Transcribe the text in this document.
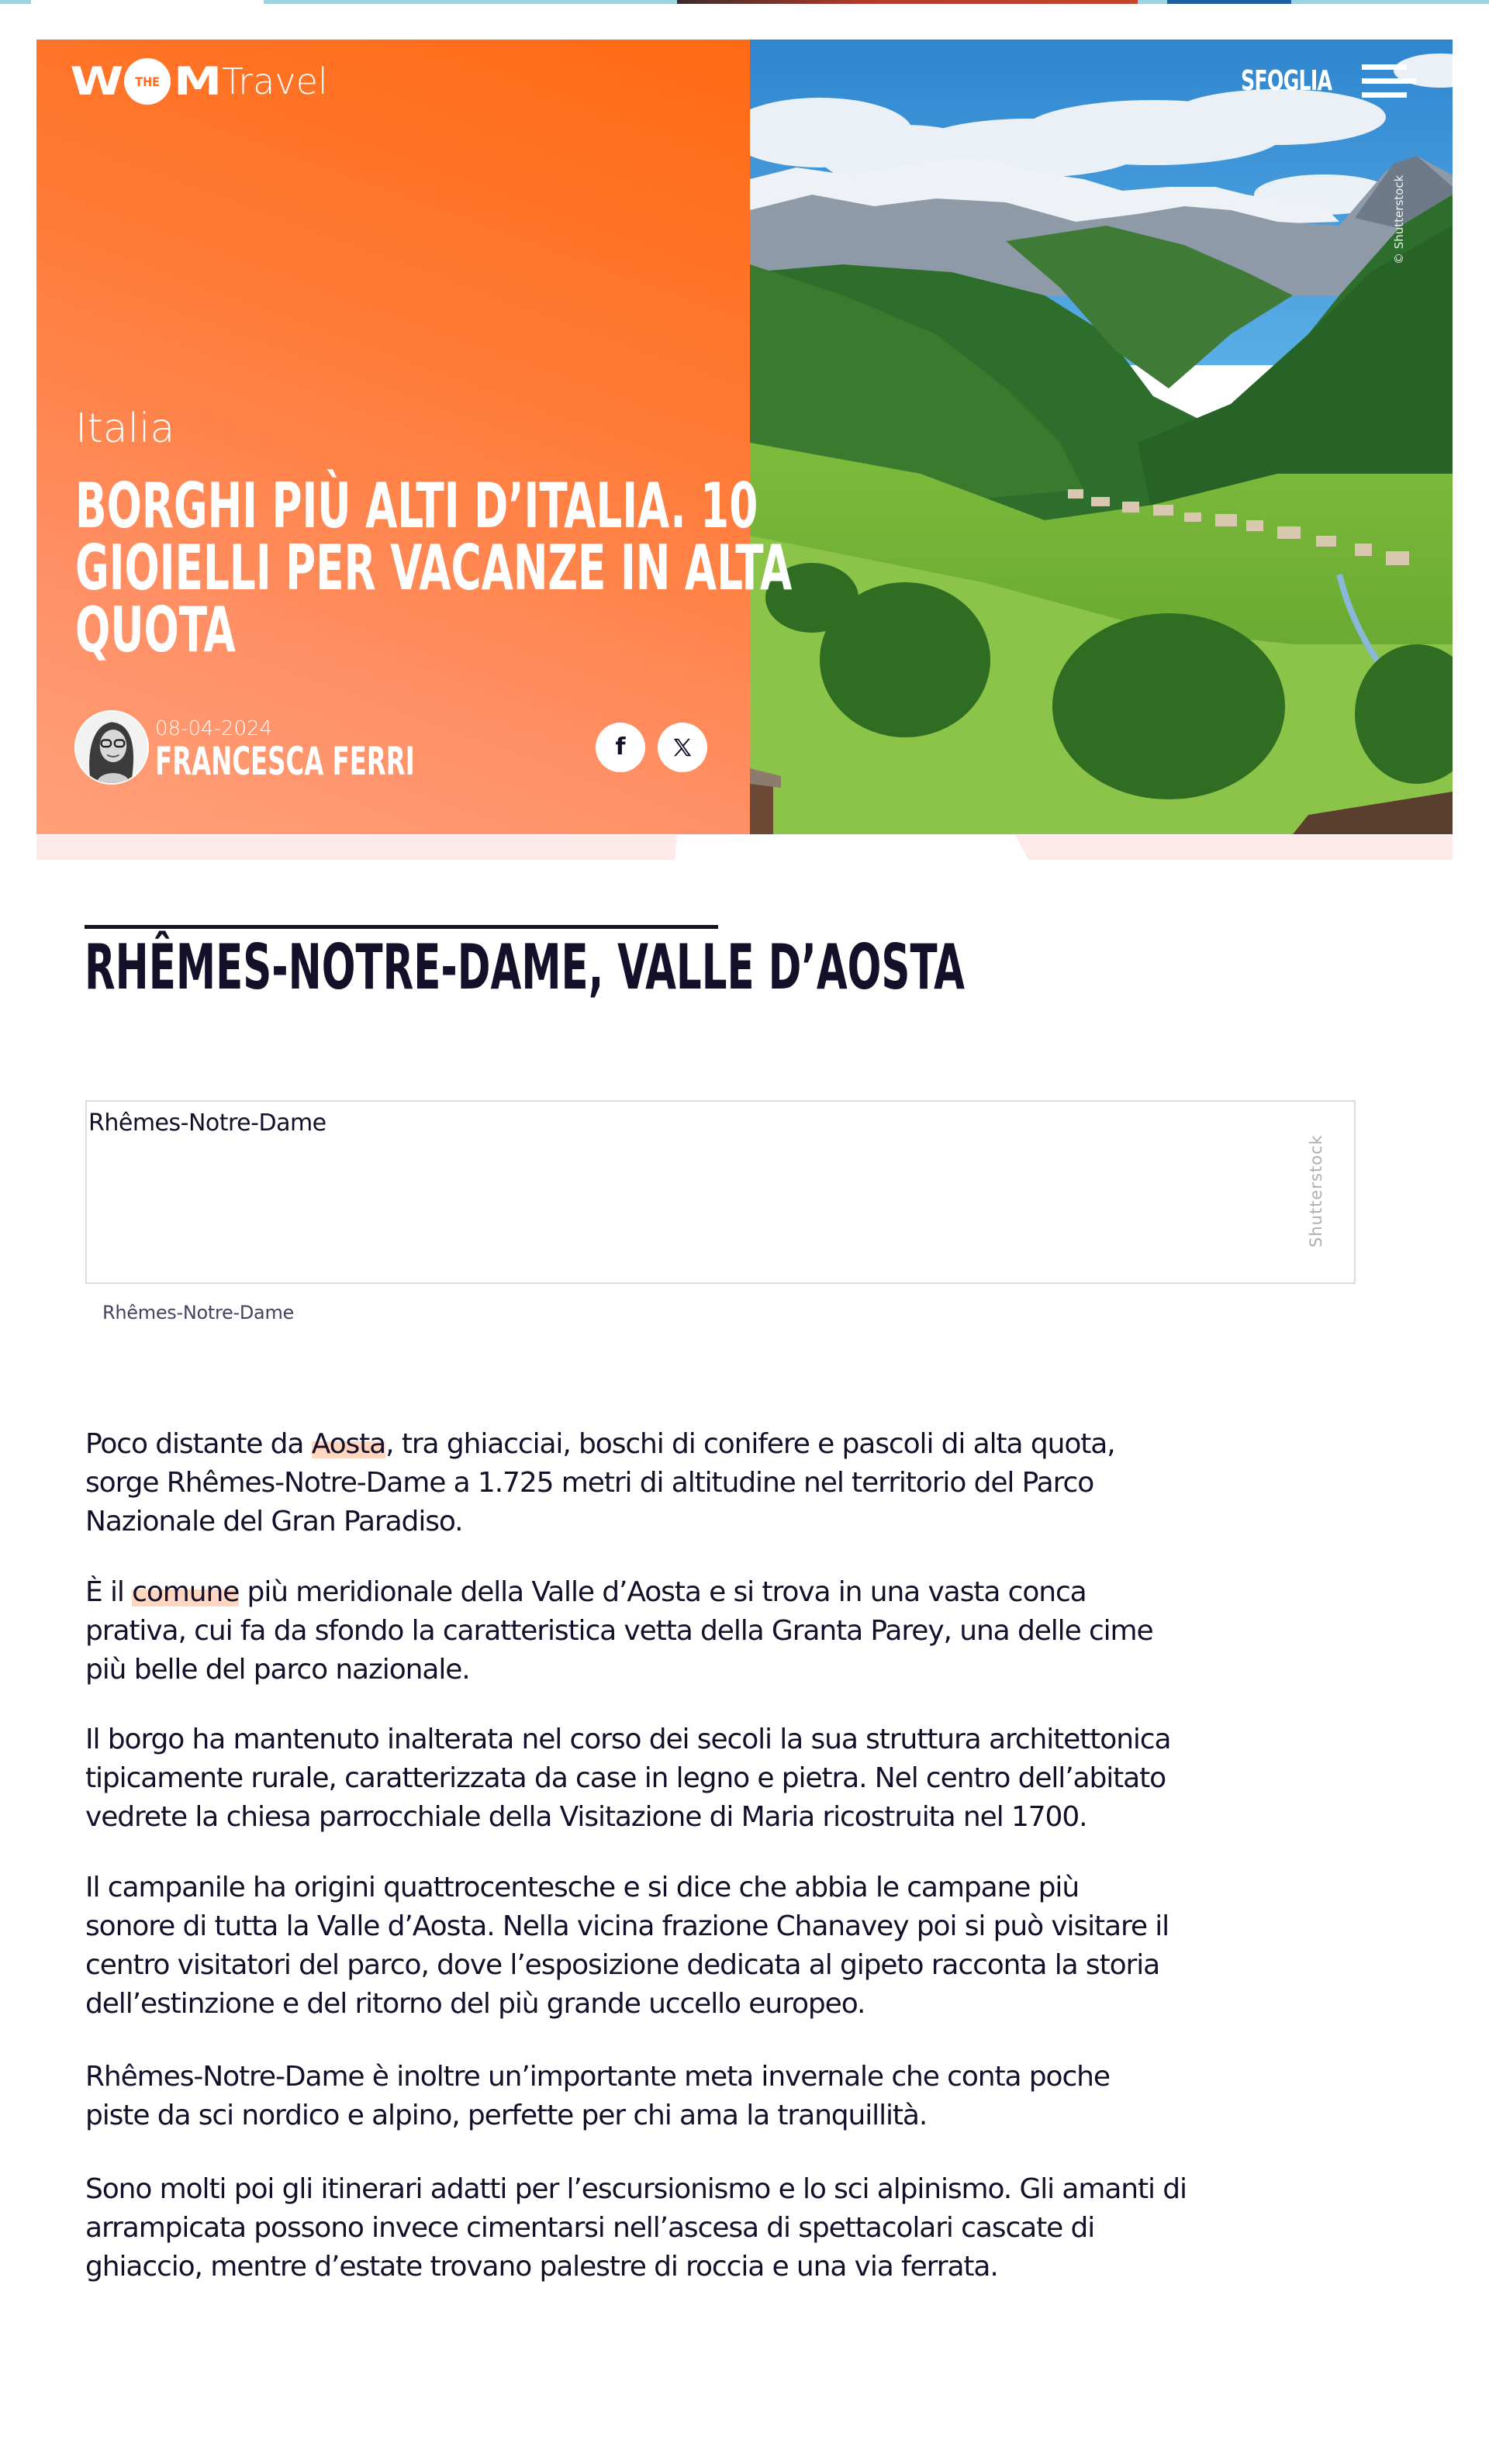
W	THE M Travel	SFOGLIA
© Shutterstock
Italia
BORGHI PIÙ ALTI D’ITALIA. 10
GIOIELLI PER VACANZE IN ALTA
QUOTA
08-04-2024
FRANCESCA FERRI	f
RHÊMES-NOTRE-DAME, VALLE D’AOSTA
Rhêmes-Notre-Dame
Shutterstock
Rhêmes-Notre-Dame
Poco distante da Aosta, tra ghiacciai, boschi di conifere e pascoli di alta quota,
sorge Rhêmes-Notre-Dame a 1.725 metri di altitudine nel territorio del Parco
Nazionale del Gran Paradiso.
È il comune più meridionale della Valle d’Aosta e si trova in una vasta conca
prativa, cui fa da sfondo la caratteristica vetta della Granta Parey, una delle cime
più belle del parco nazionale.
Il borgo ha mantenuto inalterata nel corso dei secoli la sua struttura architettonica
tipicamente rurale, caratterizzata da case in legno e pietra. Nel centro dell’abitato
vedrete la chiesa parrocchiale della Visitazione di Maria ricostruita nel 1700.
Il campanile ha origini quattrocentesche e si dice che abbia le campane più
sonore di tutta la Valle d’Aosta. Nella vicina frazione Chanavey poi si può visitare il
centro visitatori del parco, dove l’esposizione dedicata al gipeto racconta la storia
dell’estinzione e del ritorno del più grande uccello europeo.
Rhêmes-Notre-Dame è inoltre un’importante meta invernale che conta poche
piste da sci nordico e alpino, perfette per chi ama la tranquillità.
Sono molti poi gli itinerari adatti per l’escursionismo e lo sci alpinismo. Gli amanti di
arrampicata possono invece cimentarsi nell’ascesa di spettacolari cascate di
ghiaccio, mentre d’estate trovano palestre di roccia e una via ferrata.
